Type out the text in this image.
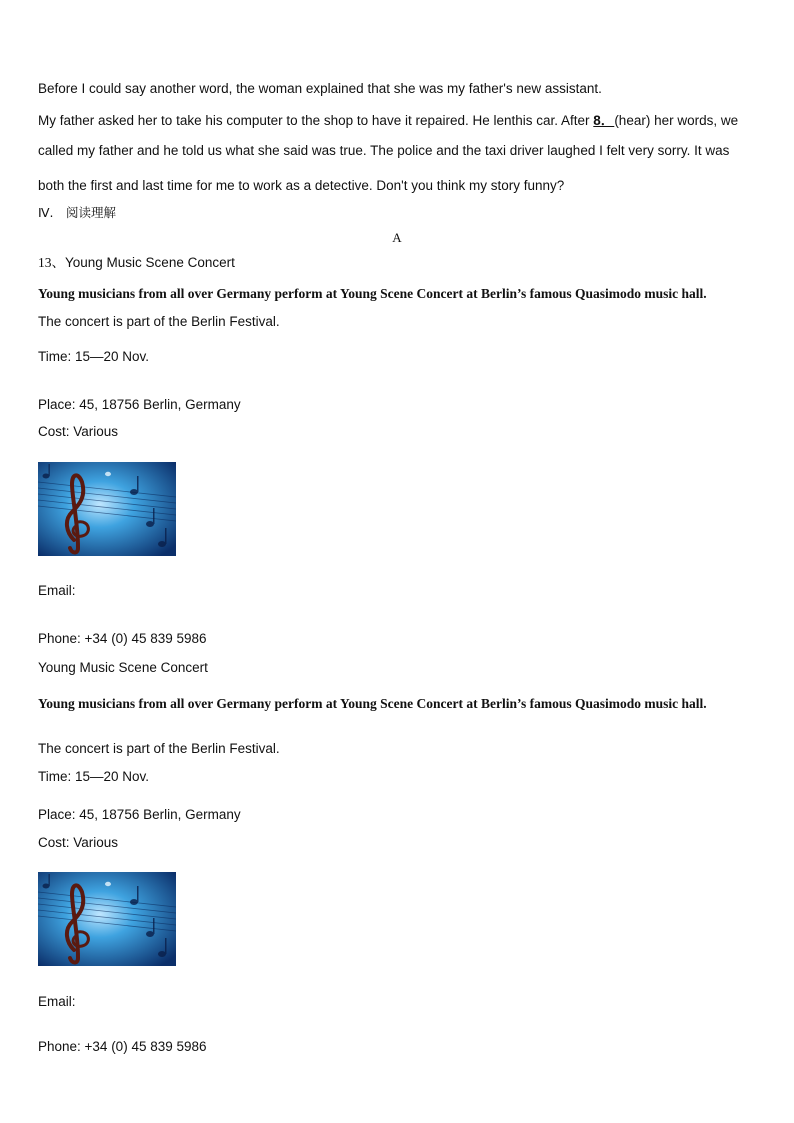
Before I could say another word, the woman explained that she was my father's new assistant.
My father asked her to take his computer to the shop to have it repaired. He lenthis car. After 8．(hear) her words, we
called my father and he told us what she said was true. The police and the taxi driver laughed I felt very sorry. It was
both the first and last time for me to work as a detective. Don't you think my story funny?
Ⅳ.　阅读理解
A
13、Young Music Scene Concert
Young musicians from all over Germany perform at Young Scene Concert at Berlin’s famous Quasimodo music hall.
The concert is part of the Berlin Festival.
Time: 15—20 Nov.
Place: 45, 18756 Berlin, Germany
Cost: Various
Email:
Phone: +34 (0) 45 839 5986
Young Music Scene Concert
Young musicians from all over Germany perform at Young Scene Concert at Berlin’s famous Quasimodo music hall.
The concert is part of the Berlin Festival.
Time: 15—20 Nov.
Place: 45, 18756 Berlin, Germany
Cost: Various
Email:
Phone: +34 (0) 45 839 5986
